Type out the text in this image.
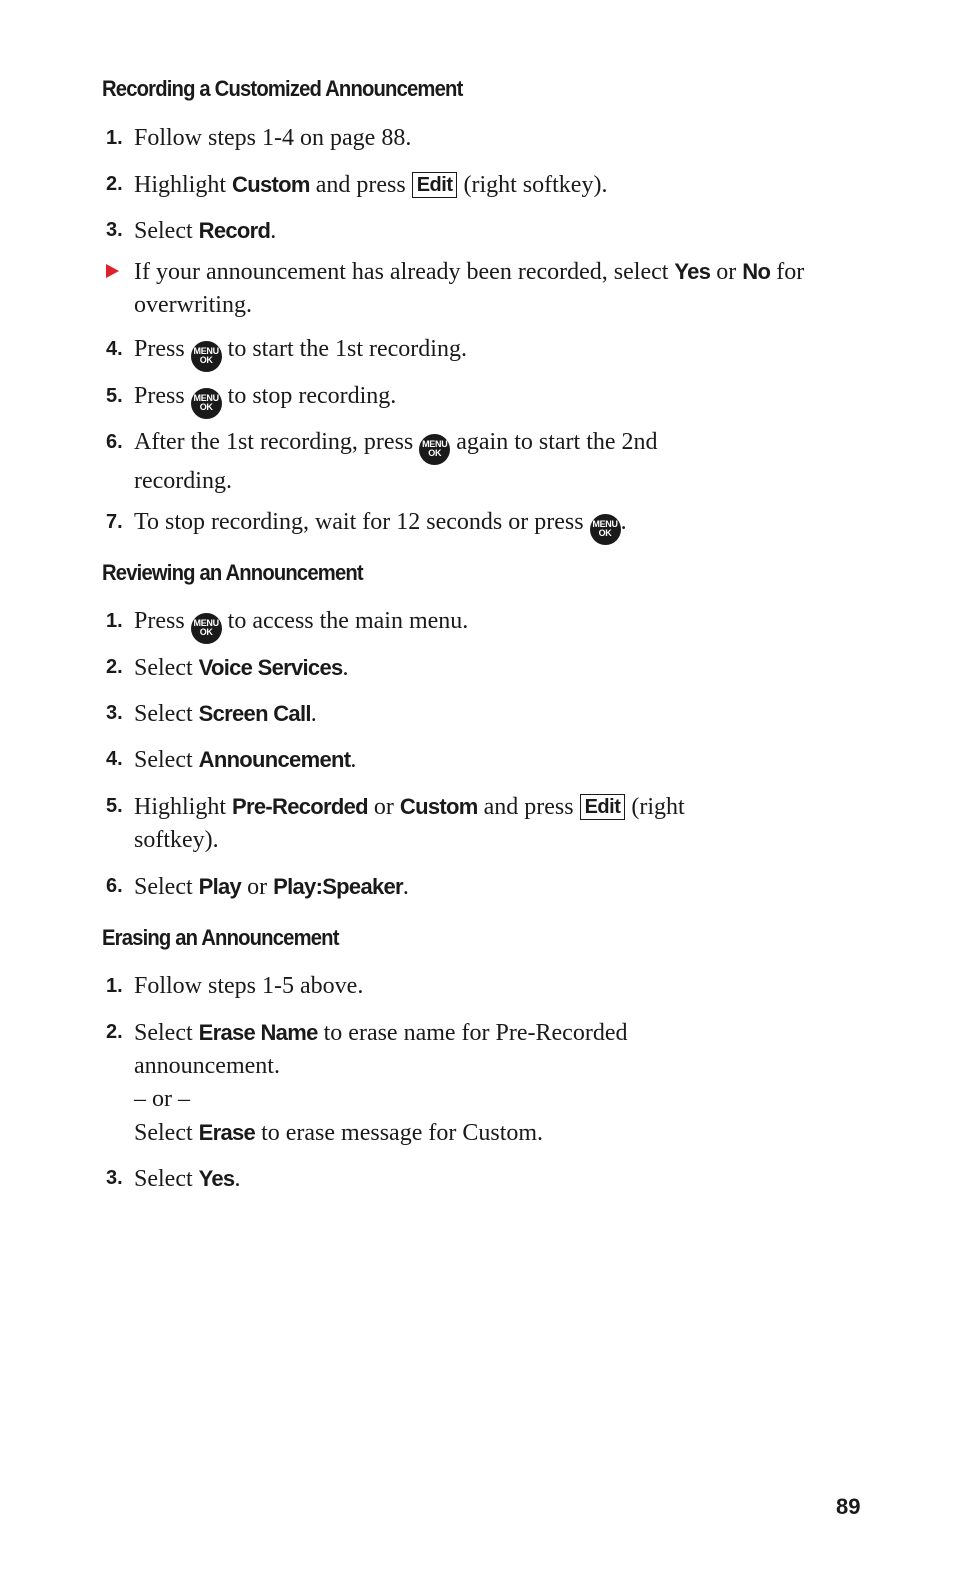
Recording a Customized Announcement
1. Follow steps 1-4 on page 88.
2. Highlight Custom and press Edit (right softkey).
3. Select Record.
If your announcement has already been recorded, select Yes or No for overwriting.
4. Press MENU
OK to start the 1st recording.
5. Press MENU
OK to stop recording.
6. After the 1st recording, press MENU
OK again to start the 2nd recording.
7. To stop recording, wait for 12 seconds or press MENU
OK .
Reviewing an Announcement
1. Press MENU
OK to access the main menu.
2. Select Voice Services.
3. Select Screen Call.
4. Select Announcement.
5. Highlight Pre-Recorded or Custom and press Edit (right softkey).
6. Select Play or Play:Speaker.
Erasing an Announcement
1. Follow steps 1-5 above.
2. Select Erase Name to erase name for Pre-Recorded announcement.
– or –
Select Erase to erase message for Custom.
3. Select Yes.
89
